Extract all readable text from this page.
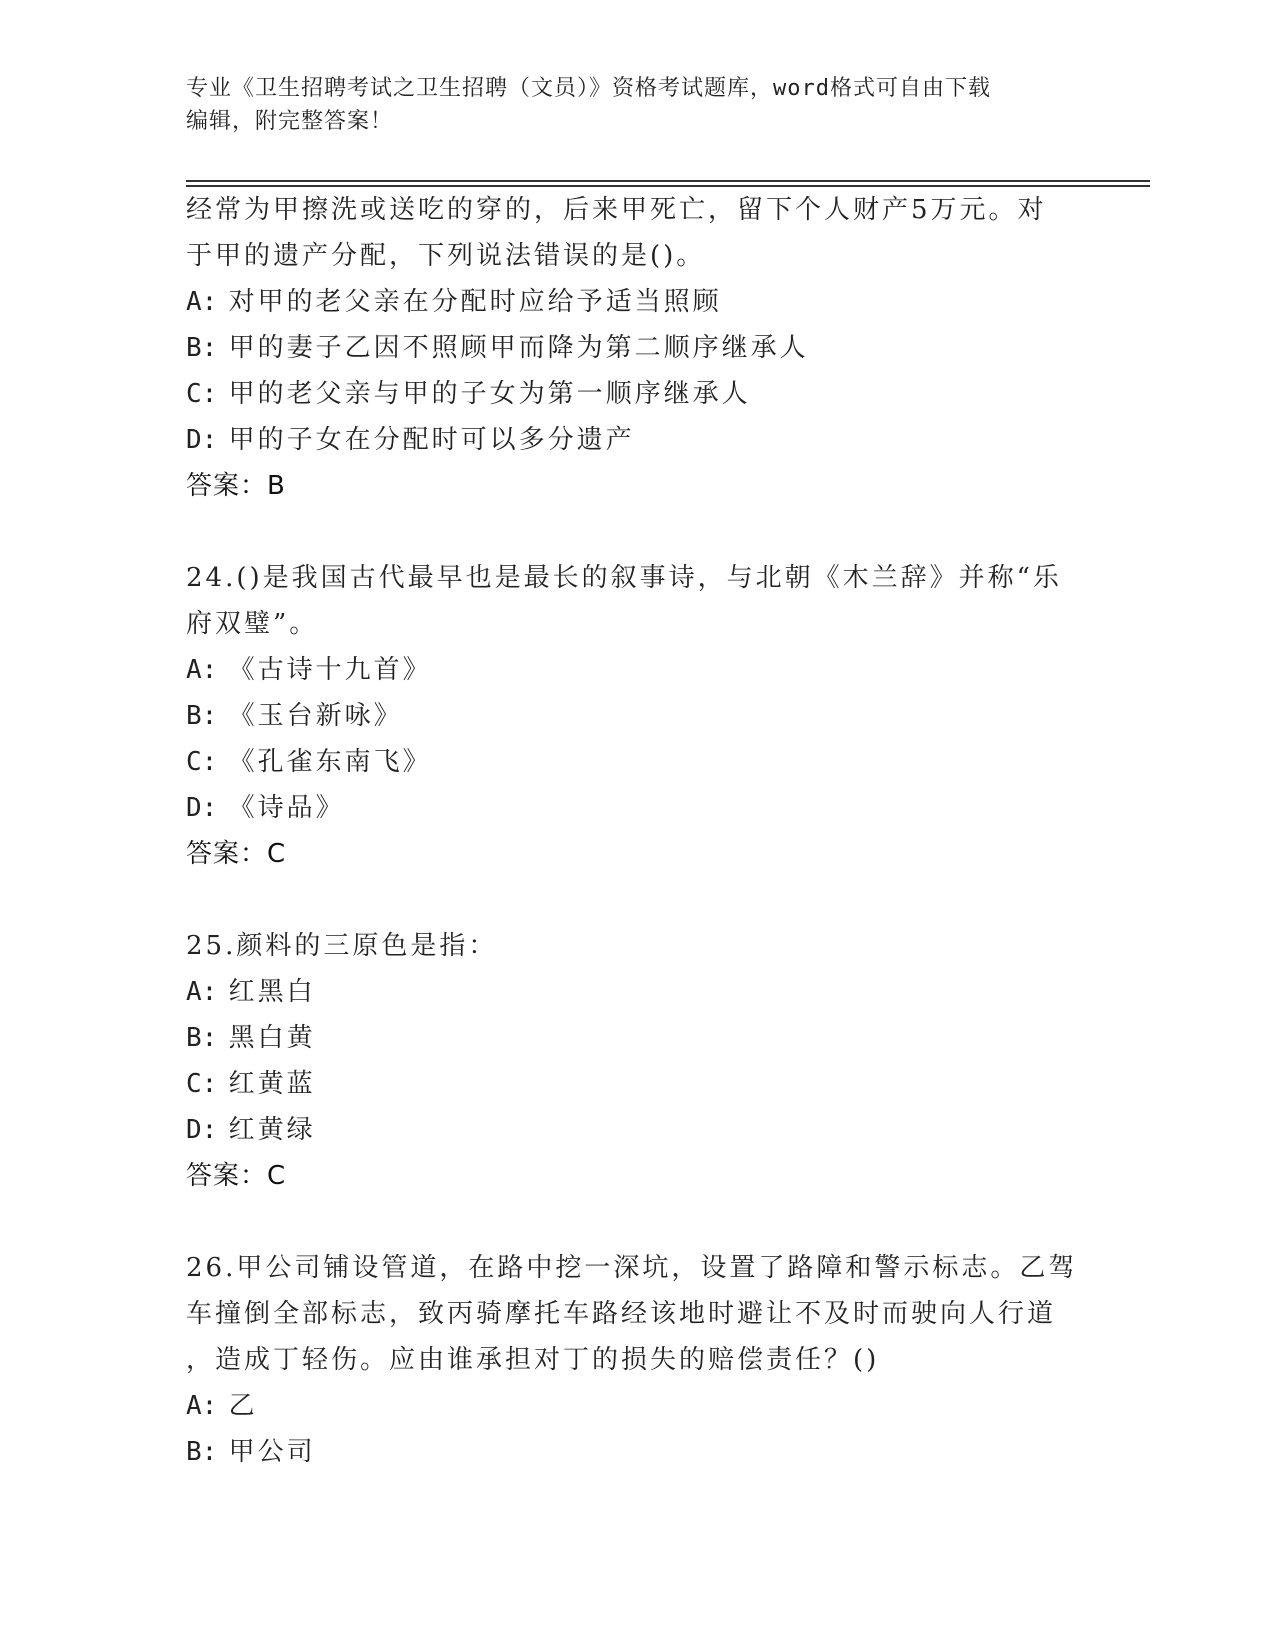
专业《卫生招聘考试之卫生招聘（文员）》资格考试题库，word格式可自由下载
编辑，附完整答案！
经常为甲擦洗或送吃的穿的，后来甲死亡，留下个人财产5万元。对
于甲的遗产分配，下列说法错误的是()。
A: 对甲的老父亲在分配时应给予适当照顾
B: 甲的妻子乙因不照顾甲而降为第二顺序继承人
C: 甲的老父亲与甲的子女为第一顺序继承人
D: 甲的子女在分配时可以多分遗产
答案：B
24.()是我国古代最早也是最长的叙事诗，与北朝《木兰辞》并称“乐
府双璧”。
A: 《古诗十九首》
B: 《玉台新咏》
C: 《孔雀东南飞》
D: 《诗品》
答案：C
25.颜料的三原色是指：
A: 红黑白
B: 黑白黄
C: 红黄蓝
D: 红黄绿
答案：C
26.甲公司铺设管道，在路中挖一深坑，设置了路障和警示标志。乙驾
车撞倒全部标志，致丙骑摩托车路经该地时避让不及时而驶向人行道
，造成丁轻伤。应由谁承担对丁的损失的赔偿责任？()
A: 乙
B: 甲公司
